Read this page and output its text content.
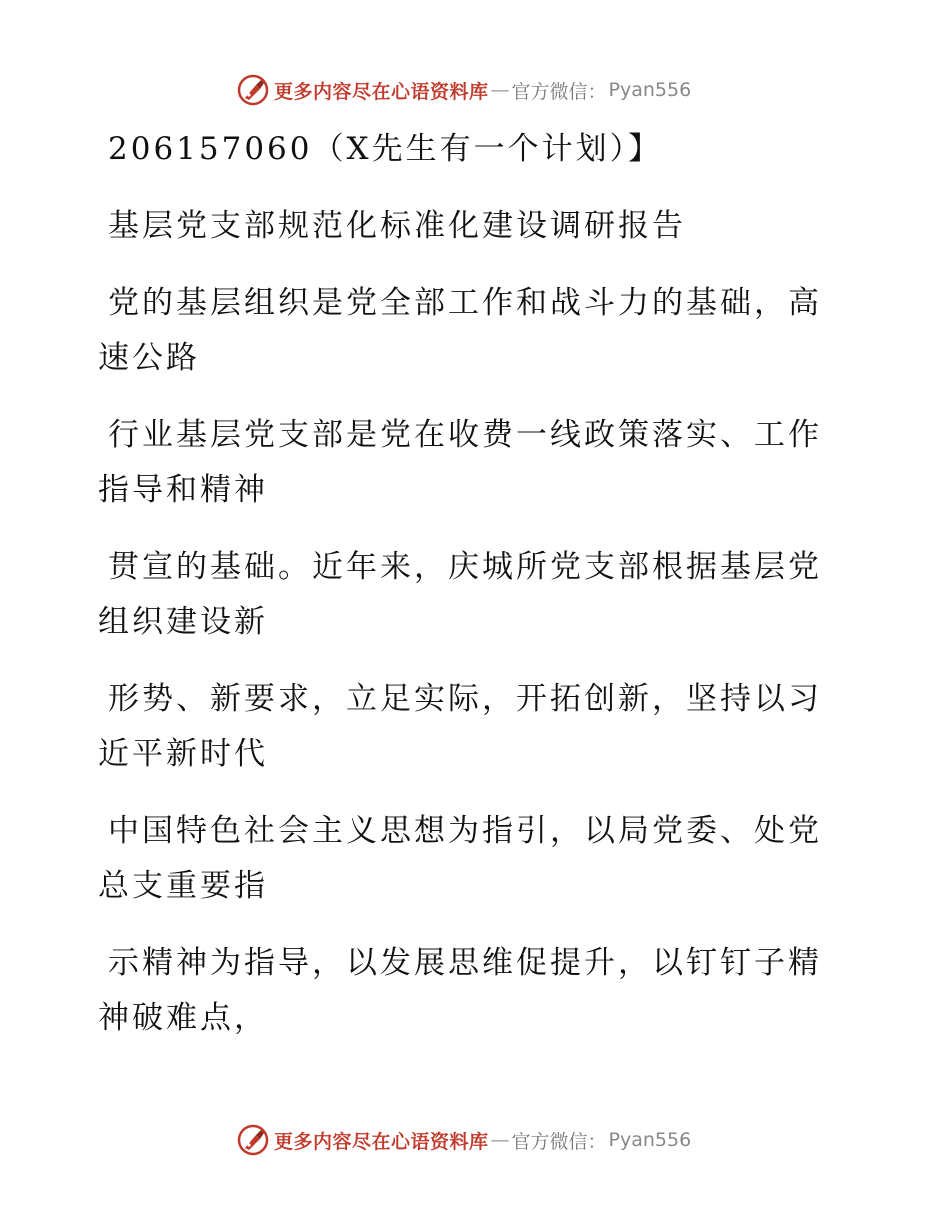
更多内容尽在心语资料库 — 官方微信： Pyan556

206157060（X先生有一个计划）】

基层党支部规范化标准化建设调研报告

党的基层组织是党全部工作和战斗力的基础，高速公路

行业基层党支部是党在收费一线政策落实、工作指导和精神

贯宣的基础。近年来，庆城所党支部根据基层党组织建设新

形势、新要求，立足实际，开拓创新，坚持以习近平新时代

中国特色社会主义思想为指引，以局党委、处党总支重要指

示精神为指导，以发展思维促提升，以钉钉子精神破难点，

更多内容尽在心语资料库 — 官方微信： Pyan556
